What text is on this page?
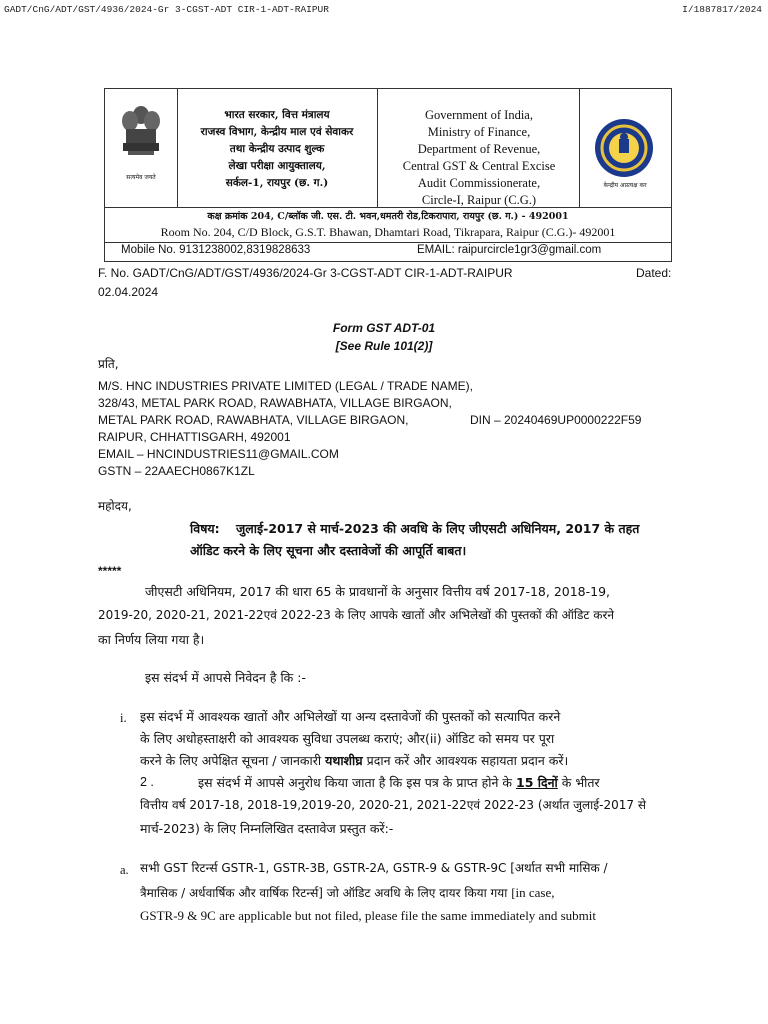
GADT/CnG/ADT/GST/4936/2024-Gr 3-CGST-ADT CIR-1-ADT-RAIPUR	I/1887817/2024
सत्यमेव जयते
भारत सरकार, वित्त मंत्रालय
राजस्व विभाग, केन्द्रीय माल एवं सेवाकर
तथा केन्द्रीय उत्पाद शुल्क
लेखा परीक्षा आयुक्तालय,
सर्कल-1, रायपुर (छ. ग.)
Government of India,
Ministry of Finance,
Department of Revenue,
Central GST & Central Excise
Audit Commissionerate,
Circle-I, Raipur (C.G.)
केन्द्रीय अप्रत्यक्ष कर
कक्ष क्रमांक 204, C/ब्लॉक जी. एस. टी. भवन,धमतरी रोड,टिकरापारा, रायपुर (छ. ग.) - 492001
Room No. 204, C/D Block, G.S.T. Bhawan, Dhamtari Road, Tikrapara, Raipur (C.G.)- 492001
Mobile No. 9131238002,8319828633	EMAIL: raipurcircle1gr3@gmail.com
F. No. GADT/CnG/ADT/GST/4936/2024-Gr 3-CGST-ADT CIR-1-ADT-RAIPUR	Dated:
02.04.2024
Form GST ADT-01
[See Rule 101(2)]
प्रति,
M/S. HNC INDUSTRIES PRIVATE LIMITED (LEGAL / TRADE NAME),
328/43, METAL PARK ROAD, RAWABHATA, VILLAGE BIRGAON,
METAL PARK ROAD, RAWABHATA, VILLAGE BIRGAON,	DIN – 20240469UP0000222F59
RAIPUR, CHHATTISGARH, 492001
EMAIL – HNCINDUSTRIES11@GMAIL.COM
GSTN – 22AAECH0867K1ZL
महोदय,
विषय: जुलाई-2017 से मार्च-2023 की अवधि के लिए जीएसटी अधिनियम, 2017 के तहत
ऑडिट करने के लिए सूचना और दस्तावेजों की आपूर्ति बाबत।
*****
जीएसटी अधिनियम, 2017 की धारा 65 के प्रावधानों के अनुसार वित्तीय वर्ष 2017-18, 2018-19,
2019-20, 2020-21, 2021-22एवं 2022-23 के लिए आपके खातों और अभिलेखों की पुस्तकों की ऑडिट करने
का निर्णय लिया गया है।
इस संदर्भ में आपसे निवेदन है कि :-
i. इस संदर्भ में आवश्यक खातों और अभिलेखों या अन्य दस्तावेजों की पुस्तकों को सत्यापित करने
के लिए अधोहस्ताक्षरी को आवश्यक सुविधा उपलब्ध कराएं; और(ii) ऑडिट को समय पर पूरा
करने के लिए अपेक्षित सूचना / जानकारी यथाशीघ्र प्रदान करें और आवश्यक सहायता प्रदान करें।
2 .	इस संदर्भ में आपसे अनुरोध किया जाता है कि इस पत्र के प्राप्त होने के 15 दिनों के भीतर
वित्तीय वर्ष 2017-18, 2018-19,2019-20, 2020-21, 2021-22एवं 2022-23 (अर्थात जुलाई-2017 से
मार्च-2023) के लिए निम्नलिखित दस्तावेज प्रस्तुत करें:-
a. सभी GST रिटर्न्स GSTR-1, GSTR-3B, GSTR-2A, GSTR-9 & GSTR-9C [अर्थात सभी मासिक /
त्रैमासिक / अर्धवार्षिक और वार्षिक रिटर्न्स] जो ऑडिट अवधि के लिए दायर किया गया [in case,
GSTR-9 & 9C are applicable but not filed, please file the same immediately and submit
